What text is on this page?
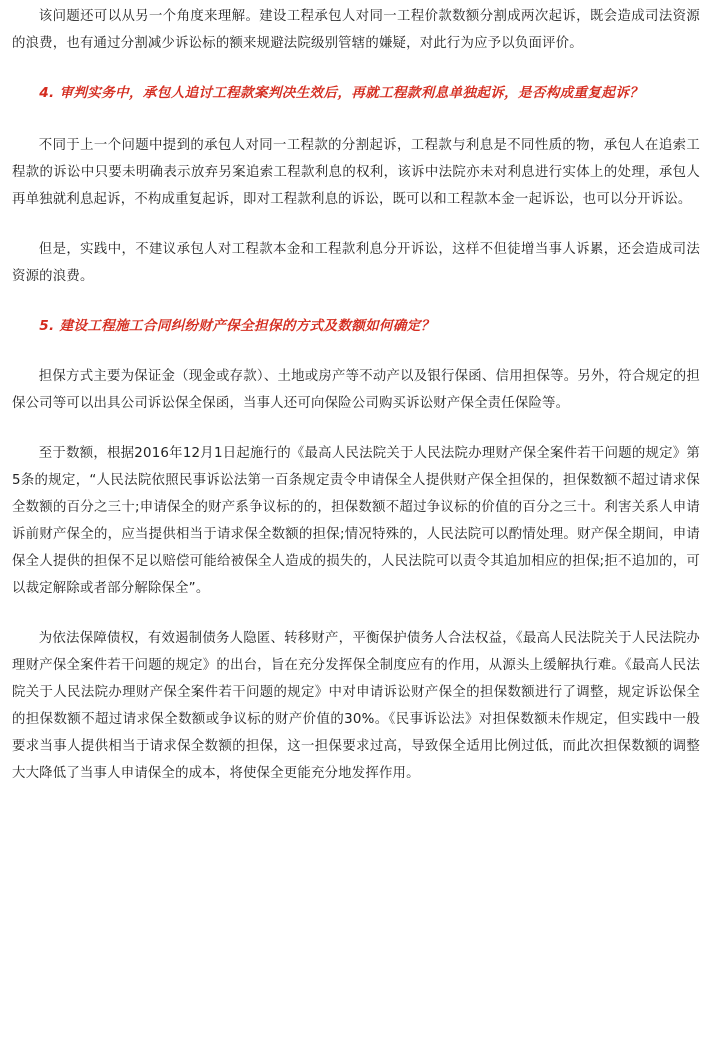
该问题还可以从另一个角度来理解。建设工程承包人对同一工程价款数额分割成两次起诉，既会造成司法资源的浪费，也有通过分割减少诉讼标的额来规避法院级别管辖的嫌疑，对此行为应予以负面评价。

4. 审判实务中，承包人追讨工程款案判决生效后，再就工程款利息单独起诉，是否构成重复起诉？

不同于上一个问题中提到的承包人对同一工程款的分割起诉，工程款与利息是不同性质的物，承包人在追索工程款的诉讼中只要未明确表示放弃另案追索工程款利息的权利，该诉中法院亦未对利息进行实体上的处理，承包人再单独就利息起诉，不构成重复起诉，即对工程款利息的诉讼，既可以和工程款本金一起诉讼，也可以分开诉讼。

但是，实践中，不建议承包人对工程款本金和工程款利息分开诉讼，这样不但徒增当事人诉累，还会造成司法资源的浪费。

5. 建设工程施工合同纠纷财产保全担保的方式及数额如何确定？

担保方式主要为保证金（现金或存款）、土地或房产等不动产以及银行保函、信用担保等。另外，符合规定的担保公司等可以出具公司诉讼保全保函，当事人还可向保险公司购买诉讼财产保全责任保险等。

至于数额，根据2016年12月1日起施行的《最高人民法院关于人民法院办理财产保全案件若干问题的规定》第5条的规定，“人民法院依照民事诉讼法第一百条规定责令申请保全人提供财产保全担保的，担保数额不超过请求保全数额的百分之三十;申请保全的财产系争议标的的，担保数额不超过争议标的价值的百分之三十。利害关系人申请诉前财产保全的，应当提供相当于请求保全数额的担保;情况特殊的，人民法院可以酌情处理。财产保全期间，申请保全人提供的担保不足以赔偿可能给被保全人造成的损失的，人民法院可以责令其追加相应的担保;拒不追加的，可以裁定解除或者部分解除保全”。

为依法保障债权，有效遏制债务人隐匿、转移财产，平衡保护债务人合法权益，《最高人民法院关于人民法院办理财产保全案件若干问题的规定》的出台，旨在充分发挥保全制度应有的作用，从源头上缓解执行难。《最高人民法院关于人民法院办理财产保全案件若干问题的规定》中对申请诉讼财产保全的担保数额进行了调整，规定诉讼保全的担保数额不超过请求保全数额或争议标的财产价值的30%。《民事诉讼法》对担保数额未作规定，但实践中一般要求当事人提供相当于请求保全数额的担保，这一担保要求过高，导致保全适用比例过低，而此次担保数额的调整大大降低了当事人申请保全的成本，将使保全更能充分地发挥作用。
